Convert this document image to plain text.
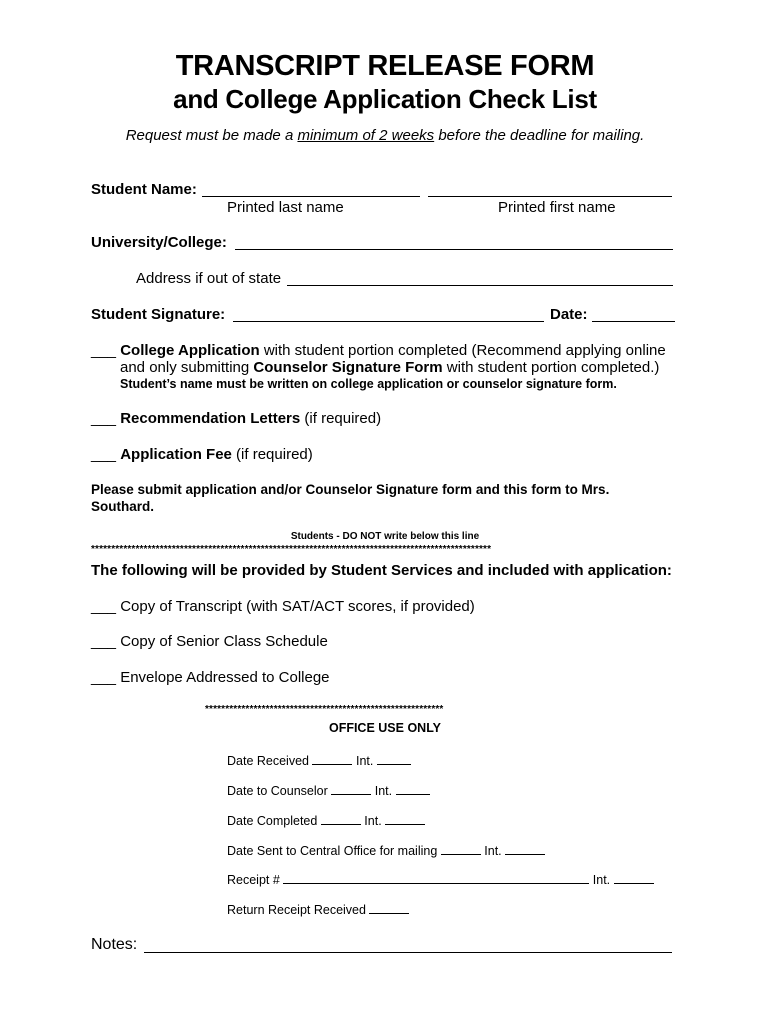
TRANSCRIPT RELEASE FORM
and College Application Check List
Request must be made a minimum of 2 weeks before the deadline for mailing.
Student Name:
Printed last name	Printed first name
University/College:
Address if out of state
Student Signature:	Date:
___ College Application with student portion completed (Recommend applying online
and only submitting Counselor Signature Form with student portion completed.)
Student’s name must be written on college application or counselor signature form.
___ Recommendation Letters (if required)
___ Application Fee (if required)
Please submit application and/or Counselor Signature form and this form to Mrs.
Southard.
Students - DO NOT write below this line
***************************************************************************************************
The following will be provided by Student Services and included with application:
___ Copy of Transcript (with SAT/ACT scores, if provided)
___ Copy of Senior Class Schedule
___ Envelope Addressed to College
***********************************************************
OFFICE USE ONLY
Date Received	Int.
Date to Counselor	Int.
Date Completed	Int.
Date Sent to Central Office for mailing	Int.
Receipt #	Int.
Return Receipt Received
Notes:
